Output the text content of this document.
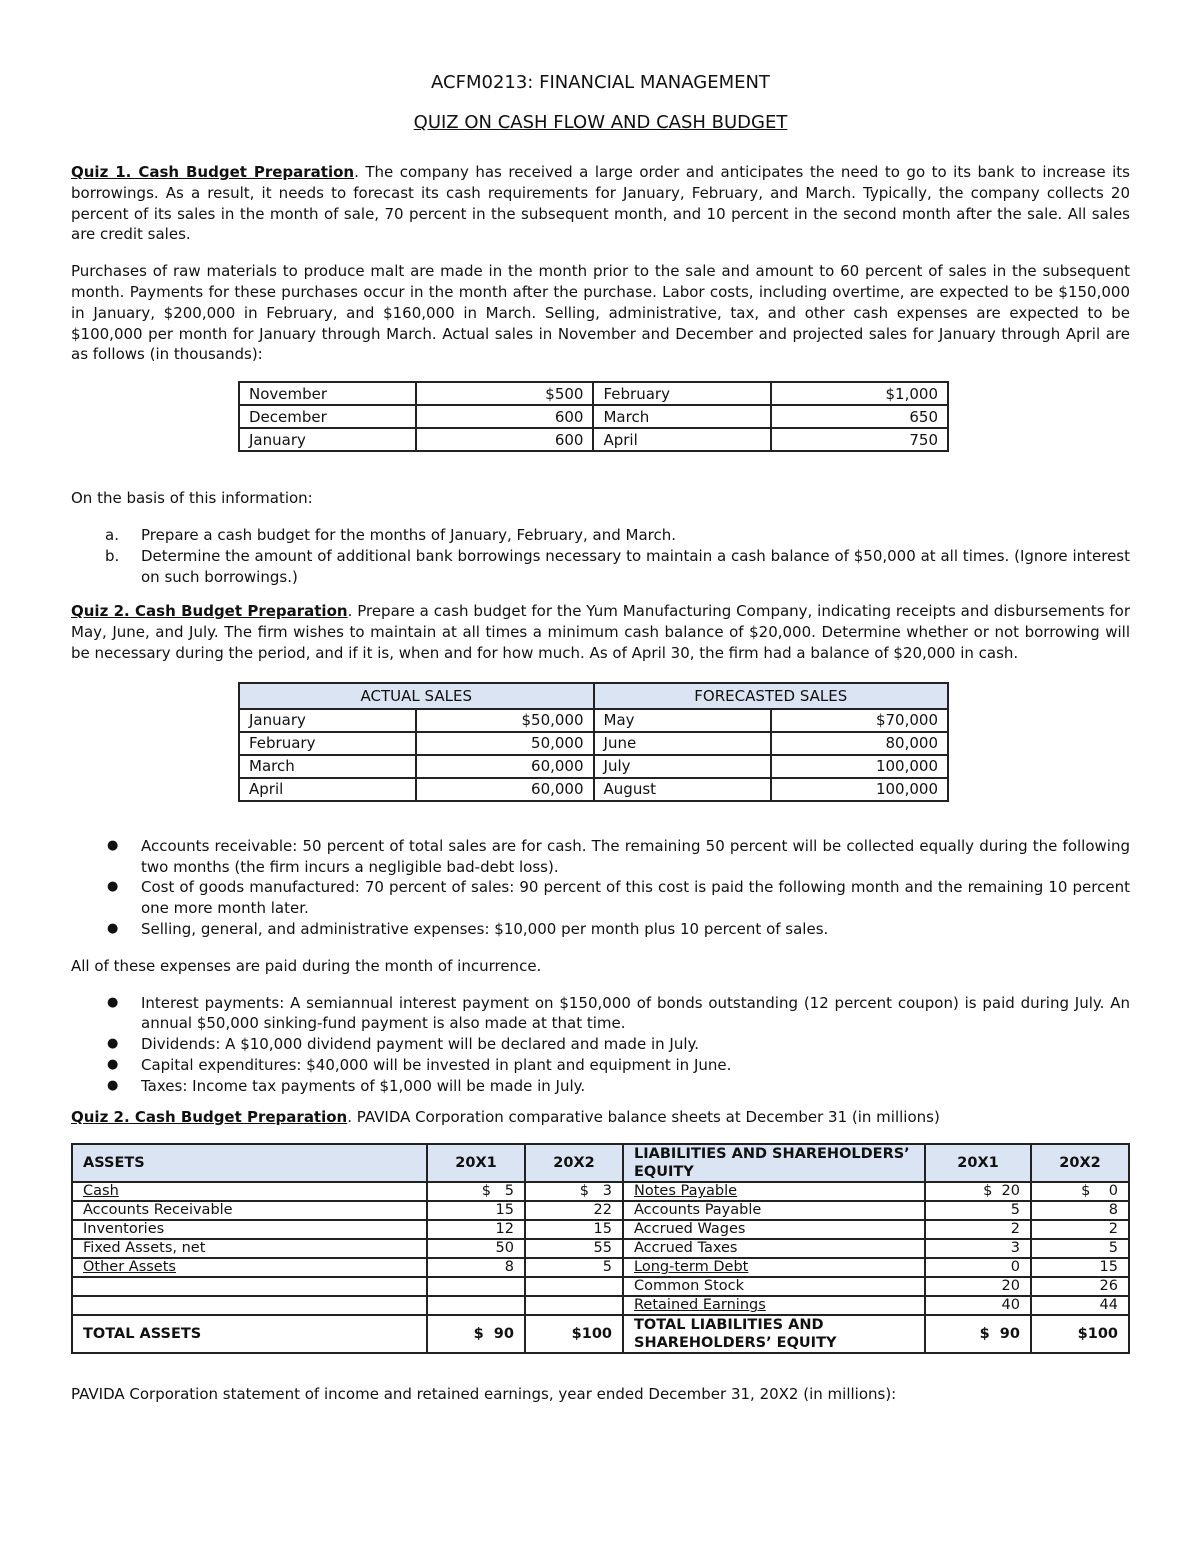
ACFM0213: FINANCIAL MANAGEMENT
QUIZ ON CASH FLOW AND CASH BUDGET

Quiz 1. Cash Budget Preparation. The company has received a large order and anticipates the need to go to its bank to increase its borrowings. As a result, it needs to forecast its cash requirements for January, February, and March. Typically, the company collects 20 percent of its sales in the month of sale, 70 percent in the subsequent month, and 10 percent in the second month after the sale. All sales are credit sales.

Purchases of raw materials to produce malt are made in the month prior to the sale and amount to 60 percent of sales in the subsequent month. Payments for these purchases occur in the month after the purchase. Labor costs, including overtime, are expected to be $150,000 in January, $200,000 in February, and $160,000 in March. Selling, administrative, tax, and other cash expenses are expected to be $100,000 per month for January through March. Actual sales in November and December and projected sales for January through April are as follows (in thousands):

November	$500	February	$1,000
December	600	March	650
January	600	April	750

On the basis of this information:

a. Prepare a cash budget for the months of January, February, and March.
b. Determine the amount of additional bank borrowings necessary to maintain a cash balance of $50,000 at all times. (Ignore interest on such borrowings.)

Quiz 2. Cash Budget Preparation. Prepare a cash budget for the Yum Manufacturing Company, indicating receipts and disbursements for May, June, and July. The firm wishes to maintain at all times a minimum cash balance of $20,000. Determine whether or not borrowing will be necessary during the period, and if it is, when and for how much. As of April 30, the firm had a balance of $20,000 in cash.

ACTUAL SALES		FORECASTED SALES	
January	$50,000	May	$70,000
February	50,000	June	80,000
March	60,000	July	100,000
April	60,000	August	100,000
● Accounts receivable: 50 percent of total sales are for cash. The remaining 50 percent will be collected equally during the following two months (the firm incurs a negligible bad-debt loss).
● Cost of goods manufactured: 70 percent of sales: 90 percent of this cost is paid the following month and the remaining 10 percent one more month later.
● Selling, general, and administrative expenses: $10,000 per month plus 10 percent of sales.

All of these expenses are paid during the month of incurrence.

● Interest payments: A semiannual interest payment on $150,000 of bonds outstanding (12 percent coupon) is paid during July. An annual $50,000 sinking-fund payment is also made at that time.
● Dividends: A $10,000 dividend payment will be declared and made in July.
● Capital expenditures: $40,000 will be invested in plant and equipment in June.
● Taxes: Income tax payments of $1,000 will be made in July.

Quiz 2. Cash Budget Preparation. PAVIDA Corporation comparative balance sheets at December 31 (in millions)

ASSETS	20X1	20X2	LIABILITIES AND SHAREHOLDERS’ EQUITY	20X1	20X2
Cash	$   5	$   3	Notes Payable	$  20	$    0
Accounts Receivable	15	22	Accounts Payable	5	8
Inventories	12	15	Accrued Wages	2	2
Fixed Assets, net	50	55	Accrued Taxes	3	5
Other Assets	8	5	Long-term Debt	0	15
			Common Stock	20	26
			Retained Earnings	40	44
TOTAL ASSETS	$  90	$100	TOTAL LIABILITIES AND SHAREHOLDERS’ EQUITY	$  90	$100

PAVIDA Corporation statement of income and retained earnings, year ended December 31, 20X2 (in millions):
